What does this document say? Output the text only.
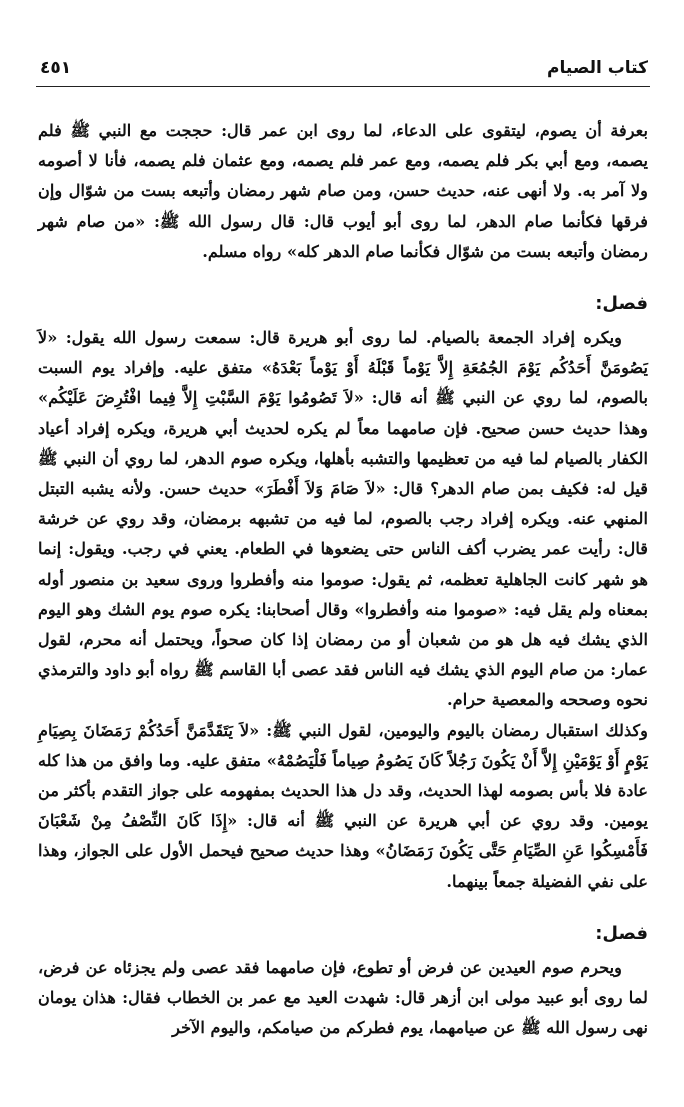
٤٥١	كتاب الصيام

بعرفة أن يصوم، ليتقوى على الدعاء، لما روى ابن عمر قال: حججت مع النبي ﷺ فلم يصمه، ومع أبي بكر فلم يصمه، ومع عمر فلم يصمه، ومع عثمان فلم يصمه، فأنا لا أصومه ولا آمر به. ولا أنهى عنه، حديث حسن، ومن صام شهر رمضان وأتبعه بست من شوّال وإن فرقها فكأنما صام الدهر، لما روى أبو أيوب قال: قال رسول الله ﷺ: «من صام شهر رمضان وأتبعه بست من شوّال فكأنما صام الدهر كله» رواه مسلم.

فصل:

ويكره إفراد الجمعة بالصيام. لما روى أبو هريرة قال: سمعت رسول الله يقول: «لاَ يَصُومَنَّ أَحَدُكُم يَوْمَ الجُمُعَةِ إِلاَّ يَوْماً قَبْلَهُ أَوْ يَوْماً بَعْدَهُ» متفق عليه. وإفراد يوم السبت بالصوم، لما روي عن النبي ﷺ أنه قال: «لاَ تَصُومُوا يَوْمَ السَّبْتِ إِلاَّ فِيما افْتُرِضَ عَلَيْكُم» وهذا حديث حسن صحيح. فإن صامهما معاً لم يكره لحديث أبي هريرة، ويكره إفراد أعياد الكفار بالصيام لما فيه من تعظيمها والتشبه بأهلها، ويكره صوم الدهر، لما روي أن النبي ﷺ قيل له: فكيف بمن صام الدهر؟ قال: «لاَ صَامَ وَلاَ أَفْطَرَ» حديث حسن. ولأنه يشبه التبتل المنهي عنه. ويكره إفراد رجب بالصوم، لما فيه من تشبهه برمضان، وقد روي عن خرشة قال: رأيت عمر يضرب أكف الناس حتى يضعوها في الطعام. يعني في رجب. ويقول: إنما هو شهر كانت الجاهلية تعظمه، ثم يقول: صوموا منه وأفطروا وروى سعيد بن منصور أوله بمعناه ولم يقل فيه: «صوموا منه وأفطروا» وقال أصحابنا: يكره صوم يوم الشك وهو اليوم الذي يشك فيه هل هو من شعبان أو من رمضان إذا كان صحواً، ويحتمل أنه محرم، لقول عمار: من صام اليوم الذي يشك فيه الناس فقد عصى أبا القاسم ﷺ رواه أبو داود والترمذي نحوه وصححه والمعصية حرام.

وكذلك استقبال رمضان باليوم واليومين، لقول النبي ﷺ: «لاَ يَتَقَدَّمَنَّ أَحَدُكُمْ رَمَضَانَ بِصِيَامِ يَوْمٍ أَوْ يَوْمَيْنِ إِلاَّ أَنْ يَكُونَ رَجُلاً كَانَ يَصُومُ صِياماً فَلْيَصُمْهُ» متفق عليه. وما وافق من هذا كله عادة فلا بأس بصومه لهذا الحديث، وقد دل هذا الحديث بمفهومه على جواز التقدم بأكثر من يومين. وقد روي عن أبي هريرة عن النبي ﷺ أنه قال: «إِذَا كَانَ النِّصْفُ مِنْ شَعْبَانَ فَأَمْسِكُوا عَنِ الصِّيَامِ حَتَّى يَكُونَ رَمَضَانُ» وهذا حديث صحيح فيحمل الأول على الجواز، وهذا على نفي الفضيلة جمعاً بينهما.

فصل:

ويحرم صوم العيدين عن فرض أو تطوع، فإن صامهما فقد عصى ولم يجزئاه عن فرض، لما روى أبو عبيد مولى ابن أزهر قال: شهدت العيد مع عمر بن الخطاب فقال: هذان يومان نهى رسول الله ﷺ عن صيامهما، يوم فطركم من صيامكم، واليوم الآخر
